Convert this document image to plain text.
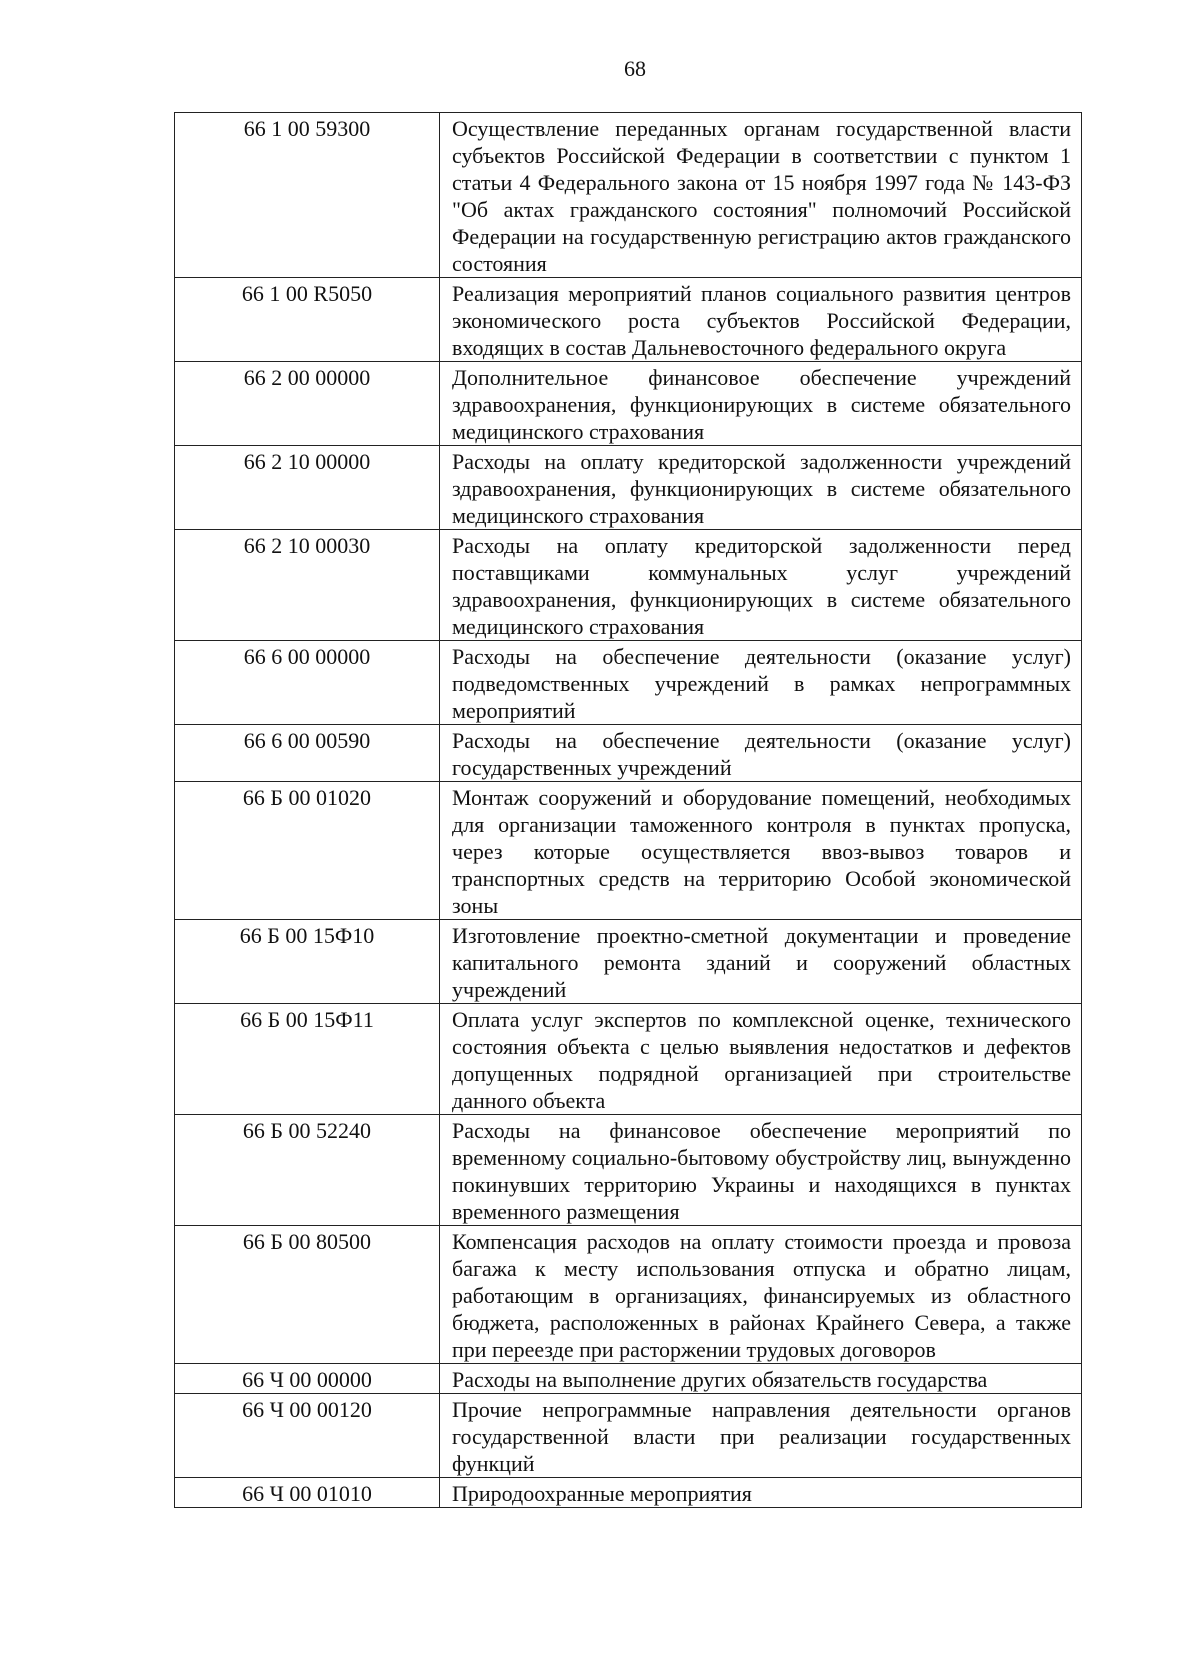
68
66 1 00 59300	Осуществление переданных органам государственной власти субъектов Российской Федерации в соответствии с пунктом 1 статьи 4 Федерального закона от 15 ноября 1997 года № 143-ФЗ "Об актах гражданского состояния" полномочий Российской Федерации на государственную регистрацию актов гражданского состояния
66 1 00 R5050	Реализация мероприятий планов социального развития центров экономического роста субъектов Российской Федерации, входящих в состав Дальневосточного федерального округа
66 2 00 00000	Дополнительное финансовое обеспечение учреждений здравоохранения, функционирующих в системе обязательного медицинского страхования
66 2 10 00000	Расходы на оплату кредиторской задолженности учреждений здравоохранения, функционирующих в системе обязательного медицинского страхования
66 2 10 00030	Расходы на оплату кредиторской задолженности перед поставщиками коммунальных услуг учреждений здравоохранения, функционирующих в системе обязательного медицинского страхования
66 6 00 00000	Расходы на обеспечение деятельности (оказание услуг) подведомственных учреждений в рамках непрограммных мероприятий
66 6 00 00590	Расходы на обеспечение деятельности (оказание услуг) государственных учреждений
66 Б 00 01020	Монтаж сооружений и оборудование помещений, необходимых для организации таможенного контроля в пунктах пропуска, через которые осуществляется ввоз-вывоз товаров и транспортных средств на территорию Особой экономической зоны
66 Б 00 15Ф10	Изготовление проектно-сметной документации и проведение капитального ремонта зданий и сооружений областных учреждений
66 Б 00 15Ф11	Оплата услуг экспертов по комплексной оценке, технического состояния объекта с целью выявления недостатков и дефектов допущенных подрядной организацией при строительстве данного объекта
66 Б 00 52240	Расходы на финансовое обеспечение мероприятий по временному социально-бытовому обустройству лиц, вынужденно покинувших территорию Украины и находящихся в пунктах временного размещения
66 Б 00 80500	Компенсация расходов на оплату стоимости проезда и провоза багажа к месту использования отпуска и обратно лицам, работающим в организациях, финансируемых из областного бюджета, расположенных в районах Крайнего Севера, а также при переезде при расторжении трудовых договоров
66 Ч 00 00000	Расходы на выполнение других обязательств государства
66 Ч 00 00120	Прочие непрограммные направления деятельности органов государственной власти при реализации государственных функций
66 Ч 00 01010	Природоохранные мероприятия
